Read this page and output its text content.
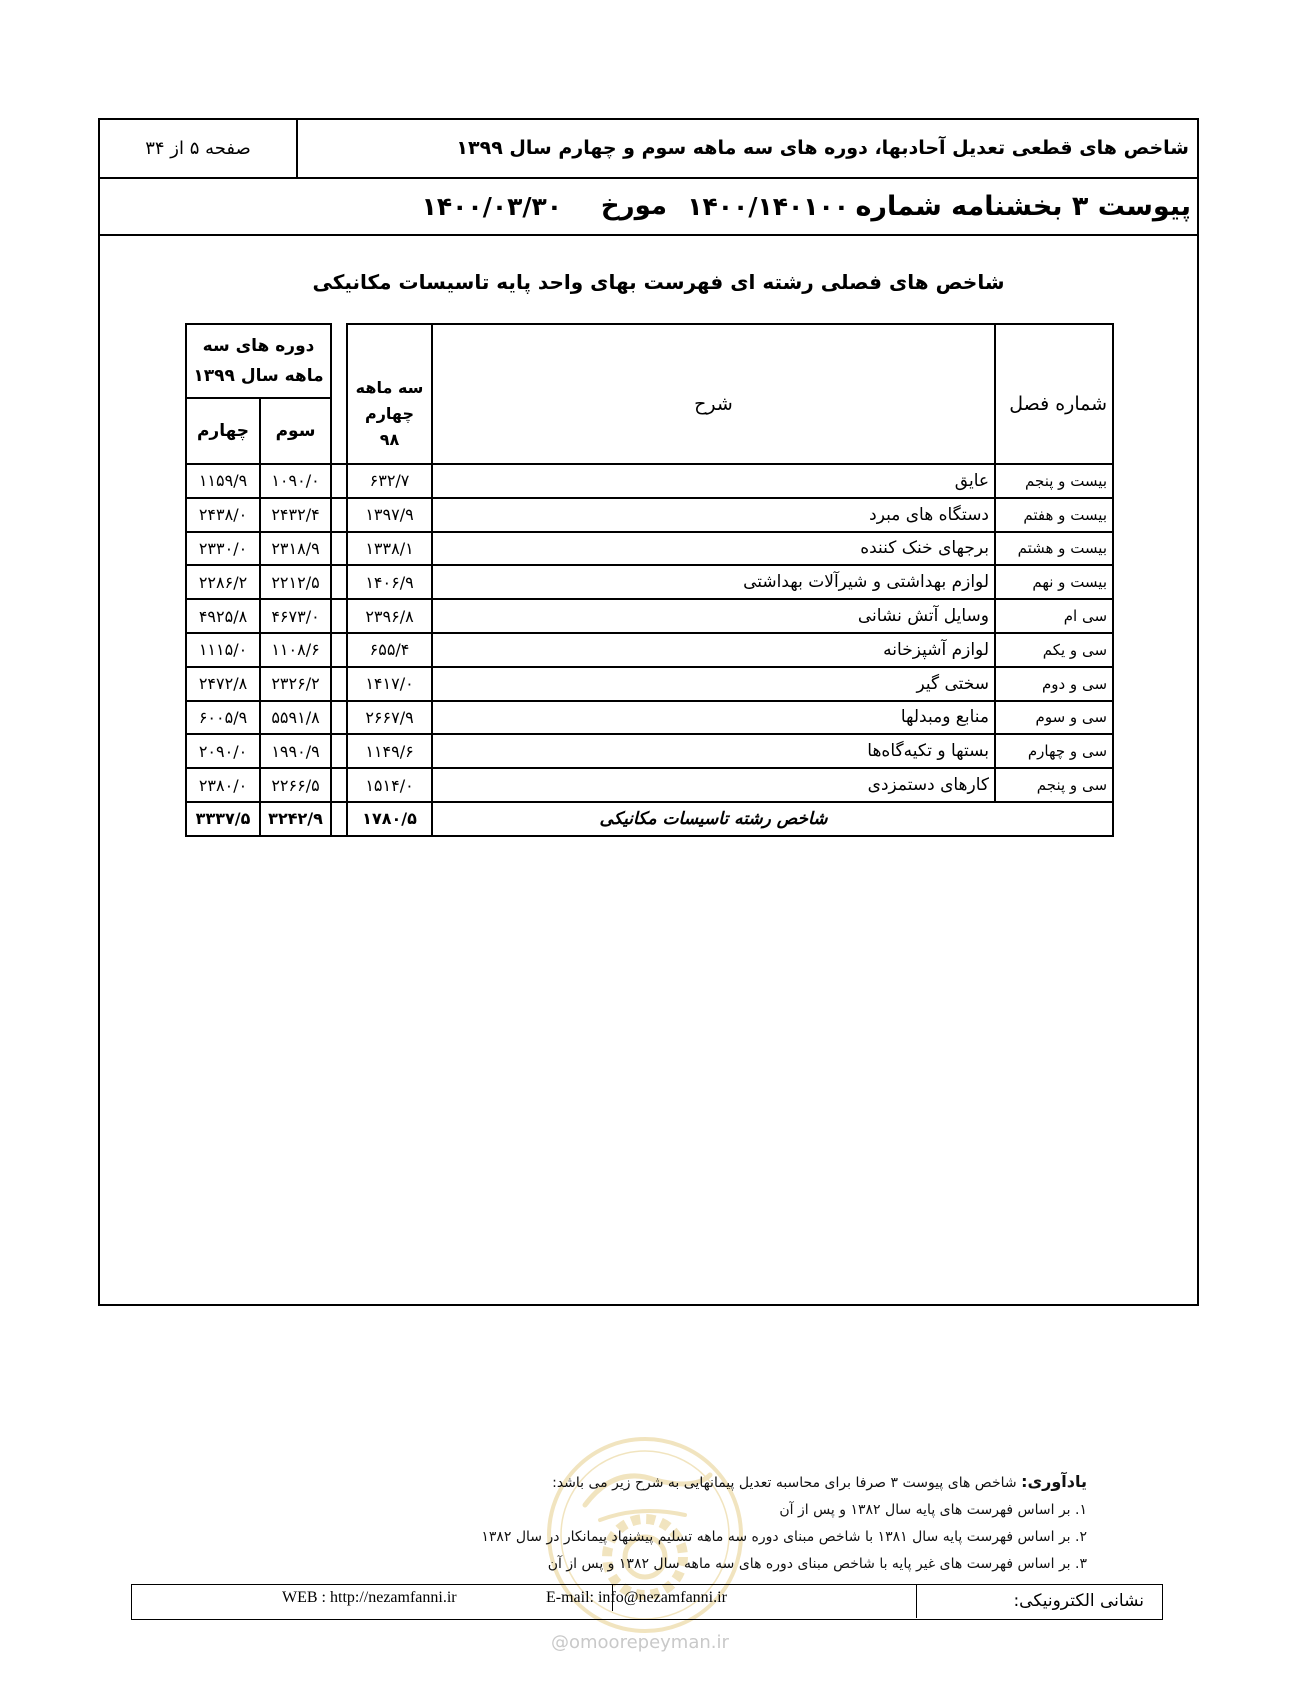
شاخص های قطعی تعدیل آحادبها، دوره های سه ماهه سوم و چهارم سال ۱۳۹۹
صفحه ۵ از ۳۴
پیوست ۳ بخشنامه شماره
۱۴۰۰/۱۴۰۱۰۰
مورخ
۱۴۰۰/۰۳/۳۰
شاخص های فصلی رشته ای فهرست بهای واحد پایه تاسیسات مکانیکی
شماره فصل	شرح	سه ماهه چهارم ۹۸		دوره های سه ماهه سال ۱۳۹۹	
				سوم	چهارم
بیست و پنجم	عایق	۶۳۲/۷		۱۰۹۰/۰	۱۱۵۹/۹
بیست و هفتم	دستگاه های مبرد	۱۳۹۷/۹		۲۴۳۲/۴	۲۴۳۸/۰
بیست و هشتم	برجهای خنک کننده	۱۳۳۸/۱		۲۳۱۸/۹	۲۳۳۰/۰
بیست و نهم	لوازم بهداشتی و شیرآلات بهداشتی	۱۴۰۶/۹		۲۲۱۲/۵	۲۲۸۶/۲
سی ام	وسایل آتش نشانی	۲۳۹۶/۸		۴۶۷۳/۰	۴۹۲۵/۸
سی و یکم	لوازم آشپزخانه	۶۵۵/۴		۱۱۰۸/۶	۱۱۱۵/۰
سی و دوم	سختی گیر	۱۴۱۷/۰		۲۳۲۶/۲	۲۴۷۲/۸
سی و سوم	منابع ومبدلها	۲۶۶۷/۹		۵۵۹۱/۸	۶۰۰۵/۹
سی و چهارم	بستها و تکیه‌گاه‌ها	۱۱۴۹/۶		۱۹۹۰/۹	۲۰۹۰/۰
سی و پنجم	کارهای دستمزدی	۱۵۱۴/۰		۲۲۶۶/۵	۲۳۸۰/۰
	شاخص رشته تاسیسات مکانیکی	۱۷۸۰/۵		۳۲۴۲/۹	۳۳۳۷/۵
یادآوری: شاخص های پیوست ۳ صرفا برای محاسبه تعدیل پیمانهایی به شرح زیر می باشد:
۱. بر اساس فهرست های پایه سال ۱۳۸۲ و پس از آن
۲. بر اساس فهرست پایه سال ۱۳۸۱ با شاخص مبنای دوره سه ماهه تسلیم پیشنهاد پیمانکار در سال ۱۳۸۲
۳. بر اساس فهرست های غیر پایه با شاخص مبنای دوره های سه ماهه سال ۱۳۸۲ و پس از آن
نشانی الکترونیکی:
E-mail: info@nezamfanni.ir
WEB : http://nezamfanni.ir
@omoorepeyman.ir
